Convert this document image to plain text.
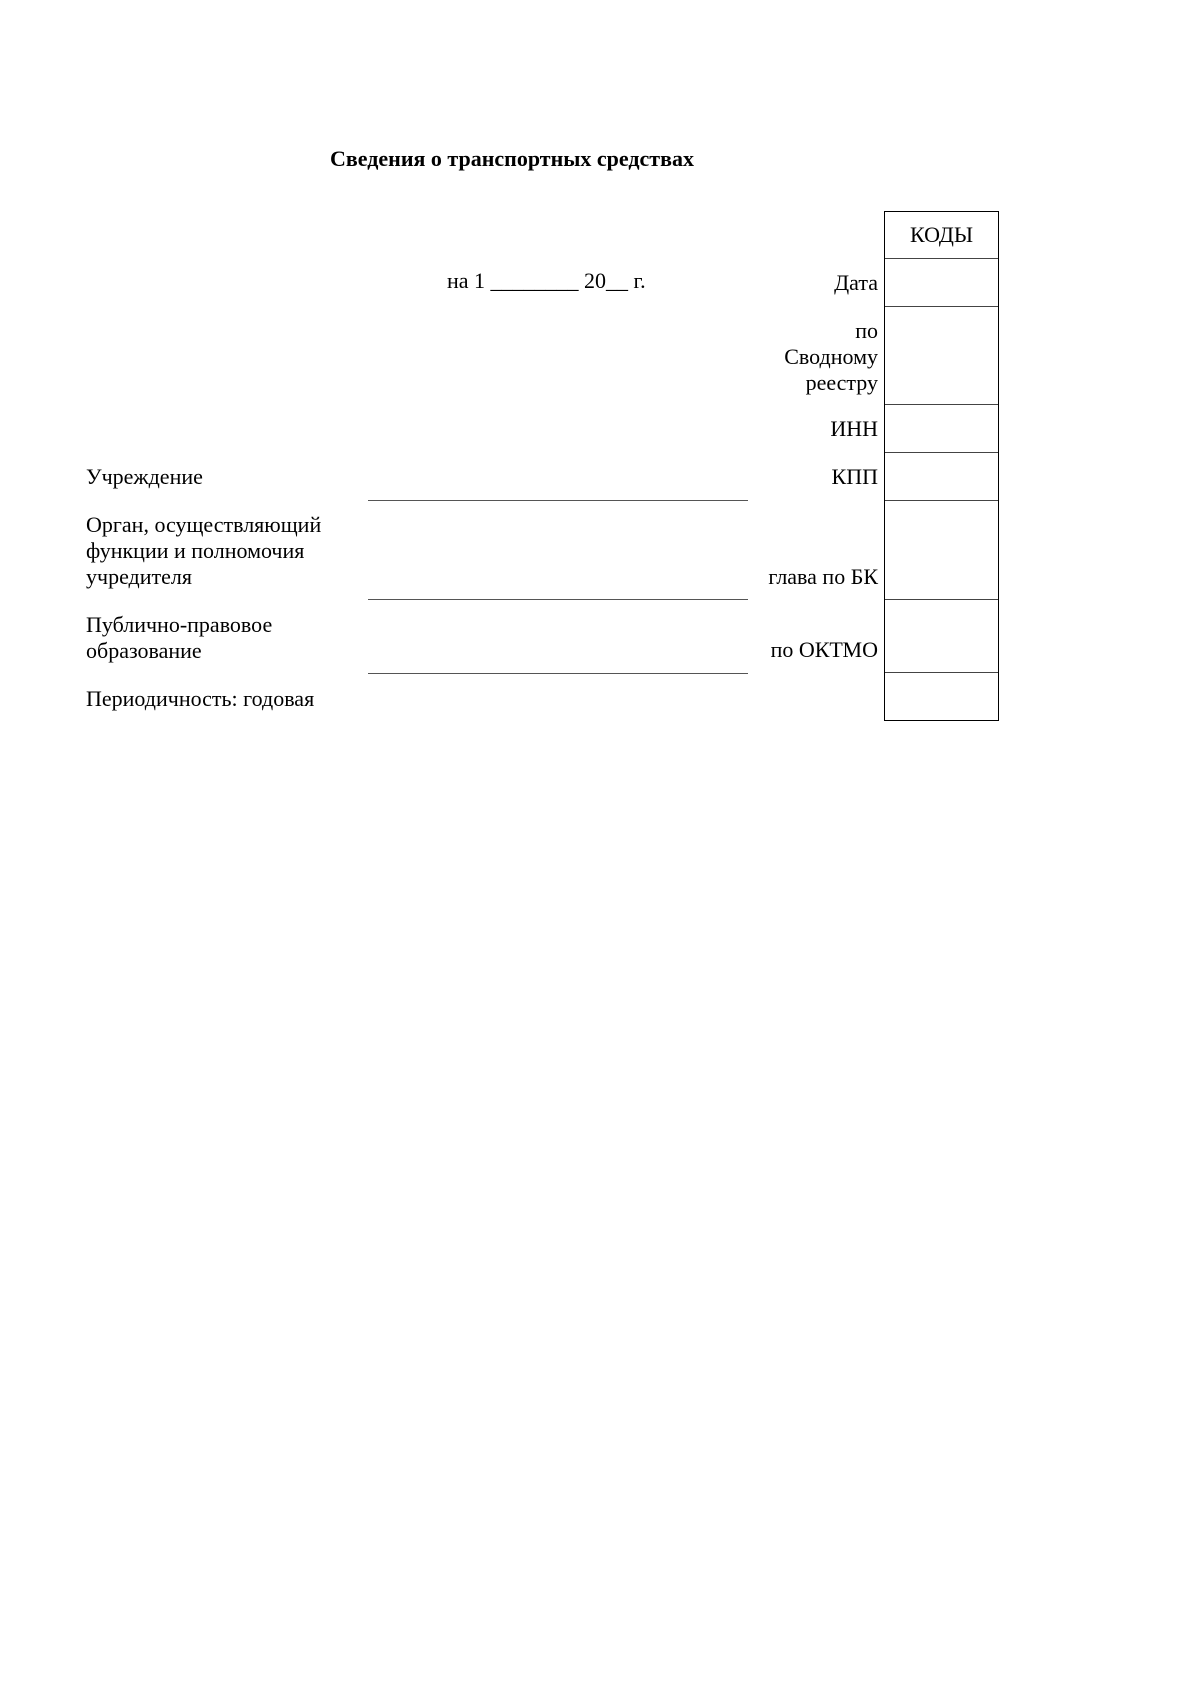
Сведения о транспортных средствах
на 1 ________ 20__ г.
Учреждение
Орган, осуществляющий
функции и полномочия
учредителя
Публично-правовое
образование
Периодичность: годовая
Дата
по
Сводному
реестру
ИНН
КПП
глава по БК
по ОКТМО
КОДЫ
